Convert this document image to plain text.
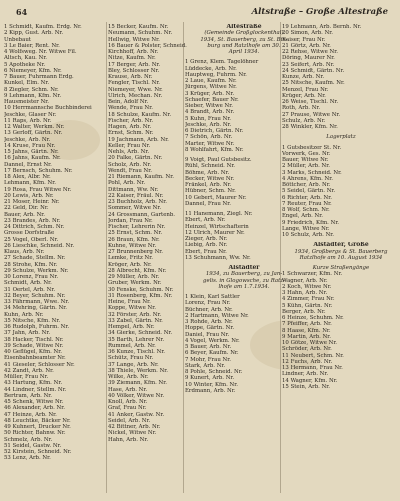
64	Altstraße – Große Altestraße
1 Schmidt, Kaufm. Erdg. Nr.
2 Kipp, Gust. Arb. Nr.
Unbebaut
3 Le Baier, Rent. Nr.
4 Wolfsweg. Nr. Witwe Fil.
Altsch, Kau. Nr.
5 Apotheke Nr.
6 Niemeyer, Kfm. Nr.
7 Bauer, Fuhrmann Erdg.
Kunkel, Elm. Nr.
8 Ziegler, Schm. Nr.
9 Lehmann, Kfm. Nr.
Hausmeister Nr.
10 Herrmannsche Buchbinderei
Jeschke, Glaser Nr.
11 Raps, Arb. Nr.
12 Walter, Werkm. Nr.
13 Gerloff, Gärtn. Nr.
Jeschke, Arb. Nr.
14 Kruse, Frau Nr.
15 Jahns, Gärtn. Nr.
16 Jahns, Kaufm. Nr.
Dannel, Ernst Nr.
17 Bernsch, Schuhm. Nr.
18 Alex, Albr. Nr.
Lehmann, Kfm. Nr.
19 Rosa, Frau Witwe Nr.
20 Lewis, Arb. Nr.
21 Moser, Heinr. Nr.
22 Geld, Dir. Nr.
Bauer, Arb. Nr.
23 Brandes, Arb. Nr.
24 Dittrich, Schm. Nr.
Grosse Dorfstraße
25 Vogel, Oberl. Nr.
26 Lieschke, Schneid. Nr.
Klaus, Arb. Nr.
27 Schade, Stellm. Nr.
28 Strohe, Kfm. Nr.
29 Schulze, Werkm. Nr.
30 Lorenz, Frau Nr.
Schmidt, Arb. Nr.
31 Oertel, Arb. Nr.
32 Beyer, Schuhm. Nr.
33 Fährmann, Wwe. Nr.
34 Mehring, Gärtn. Nr.
Kuhn, Arb. Nr.
35 Nitsche, Kfm. Nr.
36 Rudolph, Fuhrm. Nr.
37 Jahn, Arb. Nr.
38 Hacker, Tischl. Nr.
39 Schade, Witwe Nr.
40 Geflügel, Kfm. Nr.
Eisenbahnbeamter Nr.
41 Gieseler, Schlosser Nr.
42 Zandt, Arb. Nr.
Müller, Frau Nr.
43 Hartung, Kfm. Nr.
44 Lindner, Stellm. Nr.
Bertram, Arb. Nr.
45 Schenk, Witwe Nr.
46 Alexander, Arb. Nr.
47 Heinze, Arb. Nr.
48 Leuchtke, Bäcker Nr.
49 Kuhnert, Drucker Nr.
50 Richter, Bahnw. Nr.
Schmelz, Arb. Nr.
51 Seidel, Gastw. Nr.
52 Kirstein, Schneid. Nr.
53 Lenz, Arb. Nr.
15 Becker, Kaufm. Nr.
Neumann, Schuhm. Nr.
Hellwig, Witwe Nr.
16 Bauer & Polster, Schneid.
Kirchhoff, Arb. Nr.
Nitze, Kaufm. Nr.
17 Berger, Arb. Nr.
Bley, Schlosser Nr.
Krause, Arb. Nr.
Fengler, Tischl. Nr.
Niemeyer, Wwe. Nr.
Ulrich, Mechan. Nr.
Bein, Adolf Nr.
Wende, Frau Nr.
18 Schulze, Kaufm. Nr.
Fischer, Arb. Nr.
Hagen, Arb. Nr.
Ernst, Schm. Nr.
19 Jachmann, Arb. Nr.
Keller, Frau Nr.
Nehls, Arb. Nr.
20 Falke, Gärtn. Nr.
Scholz, Arb. Nr.
Wendt, Frau Nr.
21 Riemann, Kaufm. Nr.
Pohl, Arb. Nr.
Dittmann, Ww. Nr.
22 Kaiser, Fräul. Nr.
23 Buchholz, Arb. Nr.
Sommer, Witwe Nr.
24 Grossmann, Gartenb.
Jordan, Frau Nr.
Fischer, Lehrerin Nr.
25 Ernst, Schm. Nr.
26 Braun, Kfm. Nr.
Kuhne, Witwe Nr.
27 Brunnenberg Nr.
Lemke, Fritz Nr.
Kröger, Arb. Nr.
28 Albrecht, Kfm. Nr.
29 Müller, Arb. Nr.
Gruber, Werkm. Nr.
30 Fenske, Schuhm. Nr.
31 Rosenberg, Kfm. Nr.
Heine, Frau Nr.
Koppe, Witwe Nr.
32 Förster, Arb. Nr.
33 Zabel, Gärtn. Nr.
Hempel, Arb. Nr.
34 Gierke, Schneid. Nr.
35 Barth, Lehrer Nr.
Rummel, Arb. Nr.
36 Kunze, Tischl. Nr.
Schütz, Frau Nr.
37 Lange, Arb. Nr.
38 Thiele, Werkm. Nr.
Wilke, Arb. Nr.
39 Ziemann, Kfm. Nr.
Hase, Arb. Nr.
40 Völker, Witwe Nr.
Knoll, Arb. Nr.
Graf, Frau Nr.
41 Anker, Gastw. Nr.
Seidel, Arb. Nr.
42 Bittner, Arb. Nr.
Nickel, Witwe Nr.
Hahn, Arb. Nr.
Altestraße
(Gemeinde Großglockenthal)
1934, St. Bauerberg, zu St. Bin-
burg und Ratzlhofe am 30.
April 1934.
1 Grenz, Klem. Tagelöhner
Lüddecke, Arb. Nr.
Hauptweg, Fuhrm. Nr.
2 Laue, Kaufm. Nr.
Jürgens, Witwe Nr.
3 Krüger, Arb. Nr.
Schaefer, Bauer Nr.
Sieber, Witwe Nr.
4 Brandt, Arb. Nr.
5 Kuhn, Frau Nr.
Jeschke, Arb. Nr.
6 Dietrich, Gärtn. Nr.
7 Schön, Arb. Nr.
Marter, Witwe Nr.
8 Wohlfahrt, Kfm. Nr.
9 Voigt, Paul Gutsbesitz.
Rühl, Schneid. Nr.
Böhme, Arb. Nr.
Becker, Witwe Nr.
Fränkel, Arb. Nr.
Hübner, Schm. Nr.
10 Gebert, Maurer Nr.
Dannel, Frau Nr.
11 Hanemann, Ziegl. Nr.
Ebert, Arb. Nr.
Heinzel, Wirtschafterin
12 Ulrich, Maurer Nr.
Zieger, Arb. Nr.
Liebig, Arb. Nr.
Ebert, Frau Nr.
13 Schuhmann, Ww. Nr.
Alstädter
1934, zu Bauerberg, zu Jan-
gelis. in Glogowsche, zu Ratz-
lhofe am 1.7.1934.
1 Klein, Karl Sattler
Lorenz, Frau Nr.
Büchner, Arb. Nr.
2 Hartmann, Witwe Nr.
3 Rohde, Arb. Nr.
Hoppe, Gärtn. Nr.
Daniel, Frau Nr.
4 Vogel, Werkm. Nr.
5 Bauer, Arb. Nr.
6 Beyer, Kaufm. Nr.
7 Mohr, Frau Nr.
Stark, Arb. Nr.
8 Pohle, Schneid. Nr.
9 Kunert, Arb. Nr.
10 Winter, Kfm. Nr.
Erdmann, Arb. Nr.
19 Lehmann, Arb. Bernh. Nr.
20 Simon, Arb. Nr.
Kaiser, Frau Nr.
21 Görtz, Arb. Nr.
22 Rehse, Witwe Nr.
Döring, Maurer Nr.
23 Seifert, Arb. Nr.
24 Schmidt, Gärtn. Nr.
Kunze, Arb. Nr.
25 Nitsche, Kaufm. Nr.
Menzel, Frau Nr.
Krüger, Arb. Nr.
26 Weise, Tischl. Nr.
Roth, Arb. Nr.
27 Prause, Witwe Nr.
Schulz, Arb. Nr.
28 Winkler, Kfm. Nr.
Lagerplatz
1 Gutsbesitzer St. Nr.
Vorwerk, Ges. Nr.
Bauer, Witwe Nr.
2 Müller, Arb. Nr.
3 Marks, Schneid. Nr.
4 Ahrens, Kfm. Nr.
Böttcher, Arb. Nr.
5 Seidel, Gärtn. Nr.
6 Richter, Arb. Nr.
7 Reuter, Frau Nr.
8 Wolf, Schm. Nr.
Engel, Arb. Nr.
9 Friedrich, Kfm. Nr.
Lange, Witwe Nr.
10 Schulz, Arb. Nr.
Alstädter, Große
1934, Großbergs & St. Bauerberg
Ratzlhofe am 10. August 1934
Kurze Straßengänge
1 Schwarzer, Kfm. Nr.
Wagner, Arb. Nr.
2 Koch, Witwe Nr.
3 Hahn, Arb. Nr.
4 Zimmer, Frau Nr.
5 Kühn, Gärtn. Nr.
Berger, Arb. Nr.
6 Heinze, Schuhm. Nr.
7 Pfeiffer, Arb. Nr.
8 Haase, Kfm. Nr.
9 Martin, Arb. Nr.
10 Götze, Witwe Nr.
Schröder, Arb. Nr.
11 Neubert, Schm. Nr.
12 Fuchs, Arb. Nr.
13 Hermann, Frau Nr.
Lindner, Arb. Nr.
14 Wagner, Kfm. Nr.
15 Stein, Arb. Nr.
